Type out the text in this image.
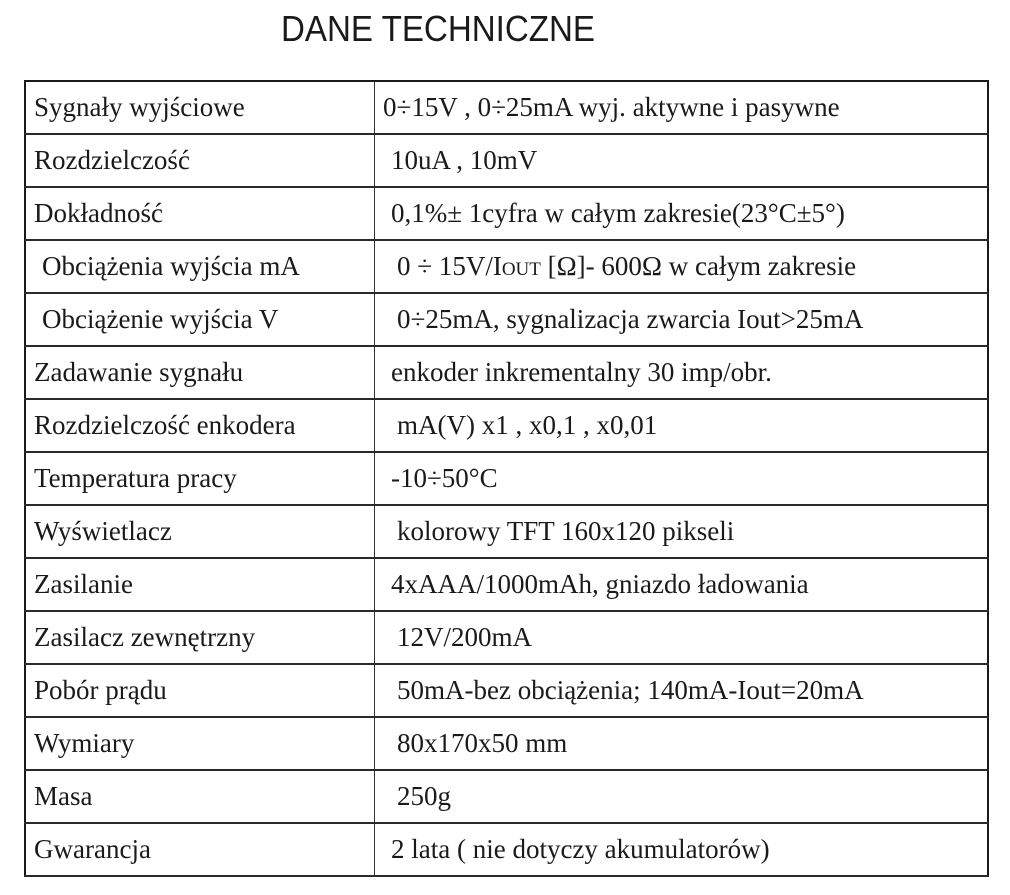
DANE TECHNICZNE
Sygnały wyjściowe	0÷15V , 0÷25mA wyj. aktywne i pasywne
Rozdzielczość	10uA , 10mV
Dokładność	0,1%± 1cyfra w całym zakresie(23°C±5°)
Obciążenia wyjścia mA	0 ÷ 15V/Iout [Ω]- 600Ω w całym zakresie
Obciążenie wyjścia V	0÷25mA, sygnalizacja zwarcia Iout>25mA
Zadawanie sygnału	enkoder inkrementalny 30 imp/obr.
Rozdzielczość enkodera	mA(V) x1 , x0,1 , x0,01
Temperatura pracy	-10÷50°C
Wyświetlacz	kolorowy TFT 160x120 pikseli
Zasilanie	4xAAA/1000mAh, gniazdo ładowania
Zasilacz zewnętrzny	12V/200mA
Pobór prądu	50mA-bez obciążenia; 140mA-Iout=20mA
Wymiary	80x170x50 mm
Masa	250g
Gwarancja	2 lata ( nie dotyczy akumulatorów)
